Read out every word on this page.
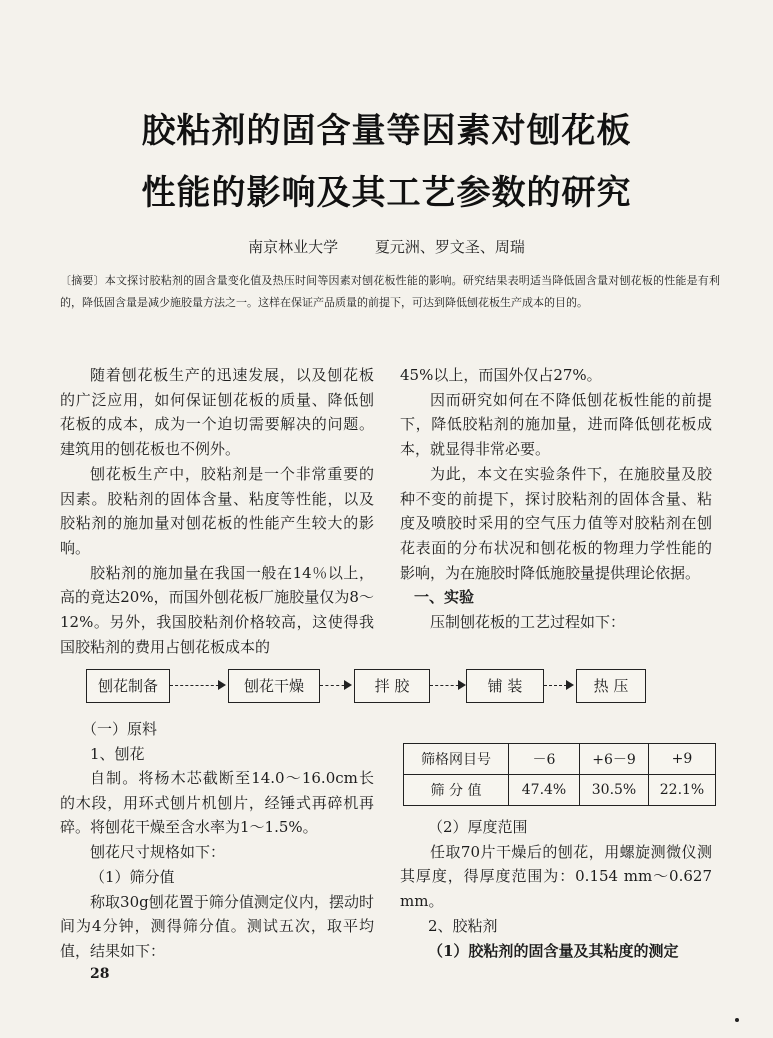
胶粘剂的固含量等因素对刨花板
性能的影响及其工艺参数的研究
南京林业大学 夏元洲、罗文圣、周瑞
〔摘要〕本文探讨胶粘剂的固含量变化值及热压时间等因素对刨花板性能的影响。研究结果表明适当降低固含量对刨花板的性能是有利的，降低固含量是减少施胶量方法之一。这样在保证产品质量的前提下，可达到降低刨花板生产成本的目的。

随着刨花板生产的迅速发展，以及刨花板的广泛应用，如何保证刨花板的质量、降低刨花板的成本，成为一个迫切需要解决的问题。建筑用的刨花板也不例外。

刨花板生产中，胶粘剂是一个非常重要的因素。胶粘剂的固体含量、粘度等性能，以及胶粘剂的施加量对刨花板的性能产生较大的影响。

胶粘剂的施加量在我国一般在14％以上，高的竟达20%，而国外刨花板厂施胶量仅为8～12%。另外，我国胶粘剂价格较高，这使得我国胶粘剂的费用占刨花板成本的

45%以上，而国外仅占27%。

因而研究如何在不降低刨花板性能的前提下，降低胶粘剂的施加量，进而降低刨花板成本，就显得非常必要。

为此，本文在实验条件下，在施胶量及胶种不变的前提下，探讨胶粘剂的固体含量、粘度及喷胶时采用的空气压力值等对胶粘剂在刨花表面的分布状况和刨花板的物理力学性能的影响，为在施胶时降低施胶量提供理论依据。

一、实验

压制刨花板的工艺过程如下：

刨花制备	刨花干燥	拌 胶	铺 装	热 压
（一）原料
1、刨花

自制。将杨木芯截断至14.0～16.0cm长的木段，用环式刨片机刨片，经锤式再碎机再碎。将刨花干燥至含水率为1～1.5%。

刨花尺寸规格如下：

（1）筛分值

称取30g刨花置于筛分值测定仪内，摆动时间为4分钟，测得筛分值。测试五次，取平均值，结果如下：

筛格网目号	－6	+6－9	+9
筛 分 值	47.4%	30.5%	22.1%

（2）厚度范围

任取70片干燥后的刨花，用螺旋测微仪测其厚度，得厚度范围为：0.154 mm～0.627 mm。

2、胶粘剂

（1）胶粘剂的固含量及其粘度的测定

28
